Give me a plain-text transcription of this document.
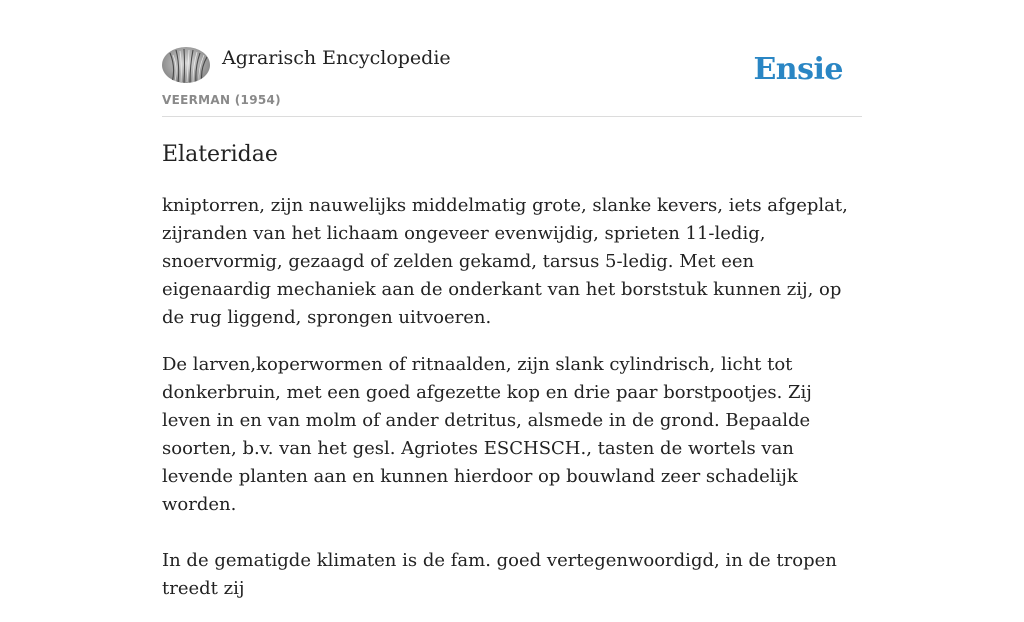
Agrarisch Encyclopedie
VEERMAN (1954)
Ensie
Elateridae

kniptorren, zijn nauwelijks middelmatig grote, slanke kevers, iets afgeplat, zijranden van het lichaam ongeveer evenwijdig, sprieten 11-ledig, snoervormig, gezaagd of zelden gekamd, tarsus 5-ledig. Met een eigenaardig mechaniek aan de onderkant van het borststuk kunnen zij, op de rug liggend, sprongen uitvoeren.

De larven,koperwormen of ritnaalden, zijn slank cylindrisch, licht tot donkerbruin, met een goed afgezette kop en drie paar borstpootjes. Zij leven in en van molm of ander detritus, alsmede in de grond. Bepaalde soorten, b.v. van het gesl. Agriotes ESCHSCH., tasten de wortels van levende planten aan en kunnen hierdoor op bouwland zeer schadelijk worden.

In de gematigde klimaten is de fam. goed vertegenwoordigd, in de tropen treedt zij
